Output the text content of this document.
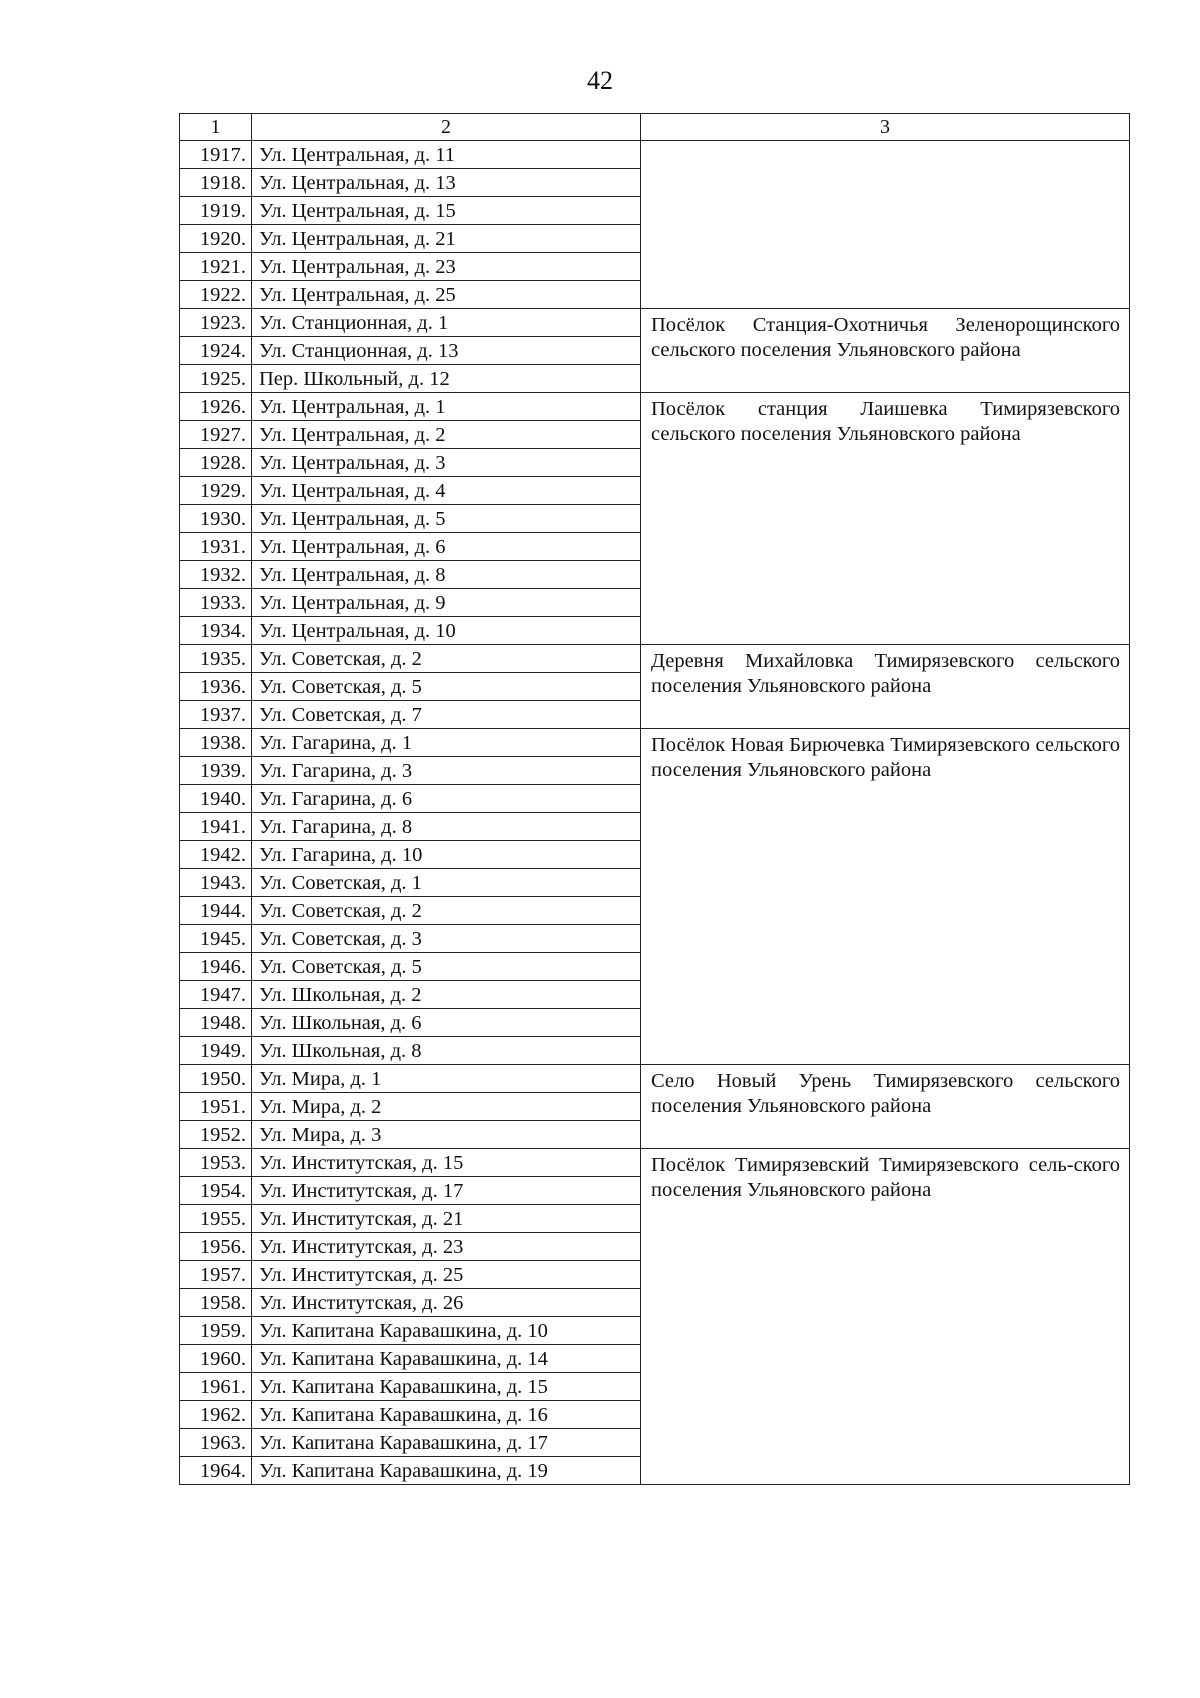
42
1	2	3
1917.	Ул. Центральная, д. 11	
1918.	Ул. Центральная, д. 13	
1919.	Ул. Центральная, д. 15	
1920.	Ул. Центральная, д. 21	
1921.	Ул. Центральная, д. 23	
1922.	Ул. Центральная, д. 25	
1923.	Ул. Станционная, д. 1	Посёлок Станция-Охотничья Зеленорощинского сельского поселения Ульяновского района
1924.	Ул. Станционная, д. 13	
1925.	Пер. Школьный, д. 12	
1926.	Ул. Центральная, д. 1	Посёлок станция Лаишевка Тимирязевского сельского поселения Ульяновского района
1927.	Ул. Центральная, д. 2	
1928.	Ул. Центральная, д. 3	
1929.	Ул. Центральная, д. 4	
1930.	Ул. Центральная, д. 5	
1931.	Ул. Центральная, д. 6	
1932.	Ул. Центральная, д. 8	
1933.	Ул. Центральная, д. 9	
1934.	Ул. Центральная, д. 10	
1935.	Ул. Советская, д. 2	Деревня Михайловка Тимирязевского сельского поселения Ульяновского района
1936.	Ул. Советская, д. 5	
1937.	Ул. Советская, д. 7	
1938.	Ул. Гагарина, д. 1	Посёлок Новая Бирючевка Тимирязевского сельского поселения Ульяновского района
1939.	Ул. Гагарина, д. 3	
1940.	Ул. Гагарина, д. 6	
1941.	Ул. Гагарина, д. 8	
1942.	Ул. Гагарина, д. 10	
1943.	Ул. Советская, д. 1	
1944.	Ул. Советская, д. 2	
1945.	Ул. Советская, д. 3	
1946.	Ул. Советская, д. 5	
1947.	Ул. Школьная, д. 2	
1948.	Ул. Школьная, д. 6	
1949.	Ул. Школьная, д. 8	
1950.	Ул. Мира, д. 1	Село Новый Урень Тимирязевского сельского поселения Ульяновского района
1951.	Ул. Мира, д. 2	
1952.	Ул. Мира, д. 3	
1953.	Ул. Институтская, д. 15	Посёлок Тимирязевский Тимирязевского сель-ского поселения Ульяновского района
1954.	Ул. Институтская, д. 17	
1955.	Ул. Институтская, д. 21	
1956.	Ул. Институтская, д. 23	
1957.	Ул. Институтская, д. 25	
1958.	Ул. Институтская, д. 26	
1959.	Ул. Капитана Каравашкина, д. 10	
1960.	Ул. Капитана Каравашкина, д. 14	
1961.	Ул. Капитана Каравашкина, д. 15	
1962.	Ул. Капитана Каравашкина, д. 16	
1963.	Ул. Капитана Каравашкина, д. 17	
1964.	Ул. Капитана Каравашкина, д. 19	
